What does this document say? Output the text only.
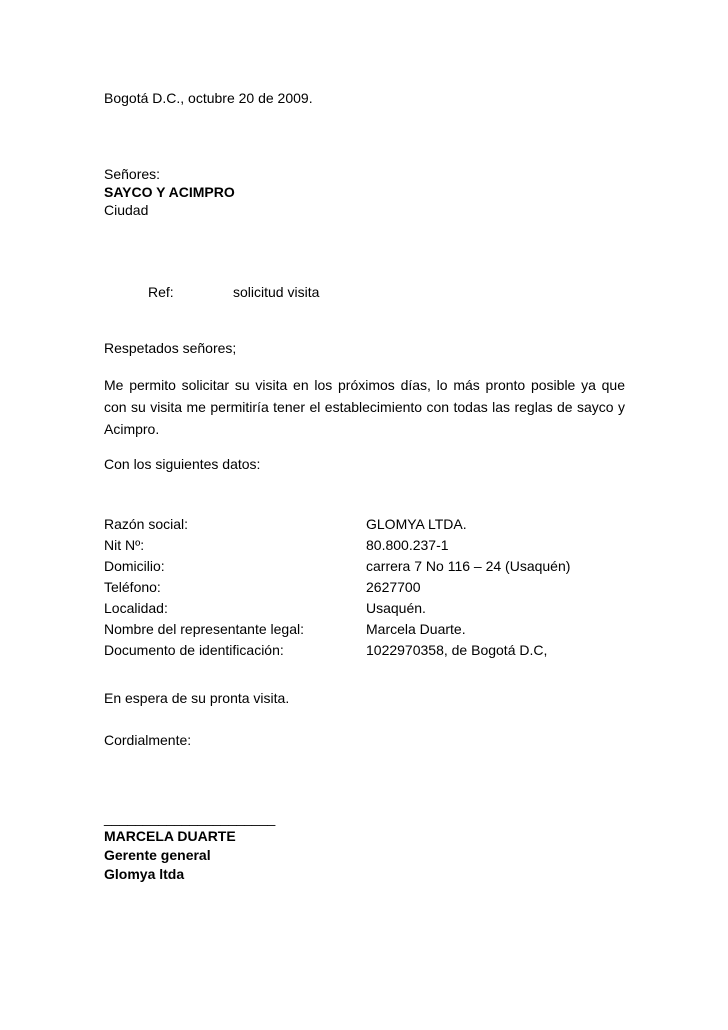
Bogotá D.C., octubre 20 de 2009.

Señores:

SAYCO Y ACIMPRO

Ciudad

Ref:	solicitud visita

Respetados señores;

Me permito solicitar su visita en los próximos días, lo más pronto posible ya que con su visita me permitiría tener el establecimiento con todas las reglas de sayco y Acimpro.

Con los siguientes datos:

Razón social:	GLOMYA LTDA.
Nit Nº:	80.800.237-1
Domicilio:	carrera 7 No 116 – 24 (Usaquén)
Teléfono:	2627700
Localidad:	Usaquén.
Nombre del representante legal:	Marcela Duarte.
Documento de identificación:	1022970358, de Bogotá D.C,

En espera de su pronta visita.

Cordialmente:

______________________

MARCELA DUARTE

Gerente general

Glomya ltda
